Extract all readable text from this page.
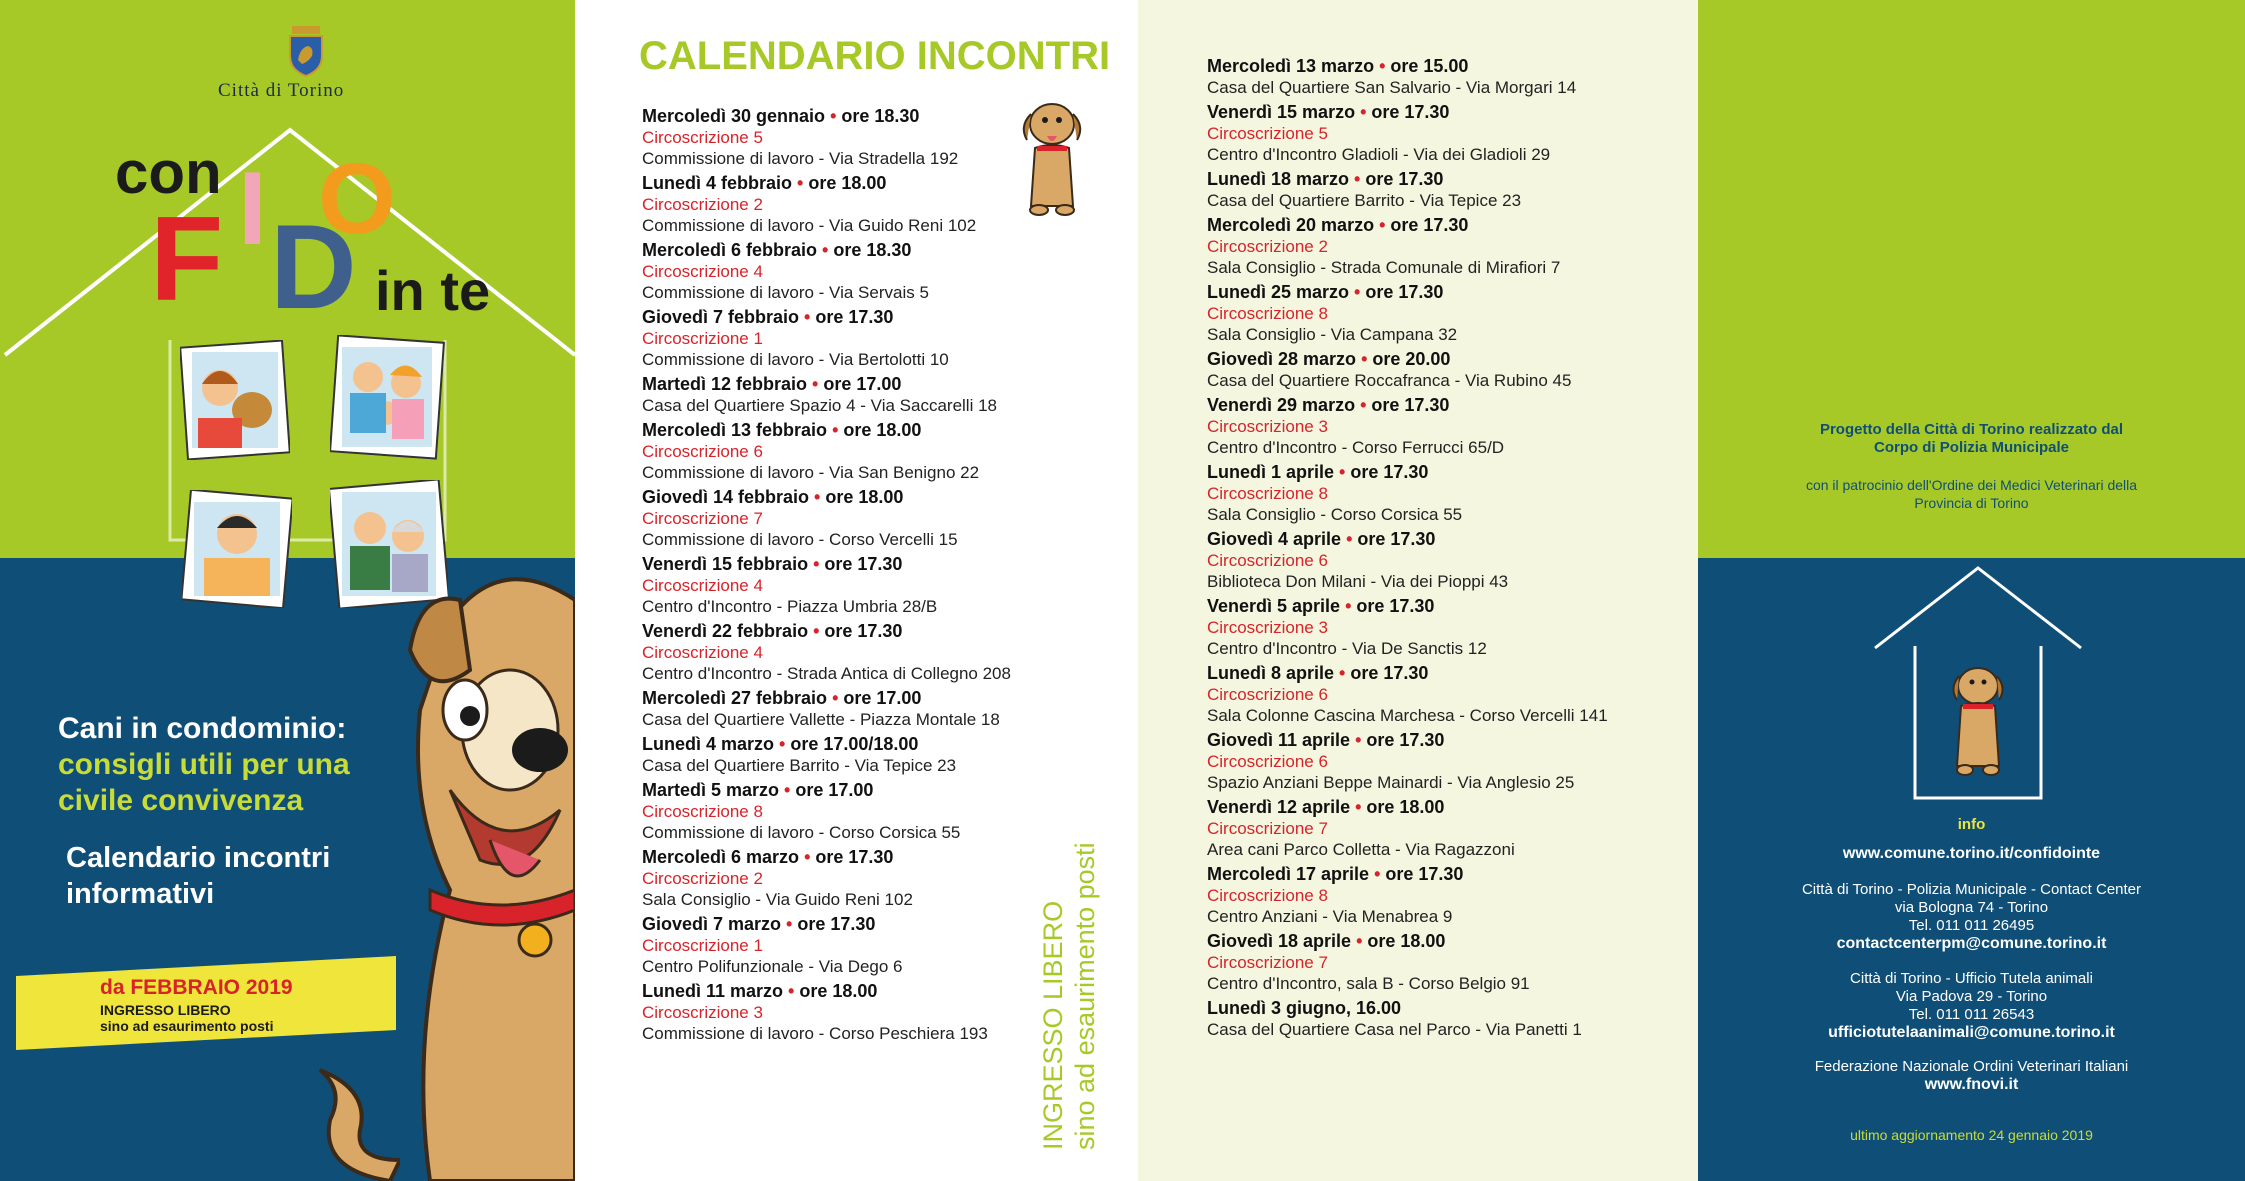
Città di Torino
con
F I D
O
in te
Cani in condominio:
consigli utili per una
civile convivenza
Calendario incontri
informativi
da FEBBRAIO 2019
INGRESSO LIBERO
sino ad esaurimento posti
CALENDARIO INCONTRI
Mercoledì 30 gennaio • ore 18.30
Circoscrizione 5
Commissione di lavoro - Via Stradella 192
Lunedì 4 febbraio • ore 18.00
Circoscrizione 2
Commissione di lavoro - Via Guido Reni 102
Mercoledì 6 febbraio • ore 18.30
Circoscrizione 4
Commissione di lavoro - Via Servais 5
Giovedì 7 febbraio • ore 17.30
Circoscrizione 1
Commissione di lavoro - Via Bertolotti 10
Martedì 12 febbraio • ore 17.00
Casa del Quartiere Spazio 4 - Via Saccarelli 18
Mercoledì 13 febbraio • ore 18.00
Circoscrizione 6
Commissione di lavoro - Via San Benigno 22
Giovedì 14 febbraio • ore 18.00
Circoscrizione 7
Commissione di lavoro - Corso Vercelli 15
Venerdì 15 febbraio • ore 17.30
Circoscrizione 4
Centro d'Incontro - Piazza Umbria 28/B
Venerdì 22 febbraio • ore 17.30
Circoscrizione 4
Centro d'Incontro - Strada Antica di Collegno 208
Mercoledì 27 febbraio • ore 17.00
Casa del Quartiere Vallette - Piazza Montale 18
Lunedì 4 marzo • ore 17.00/18.00
Casa del Quartiere Barrito - Via Tepice 23
Martedì 5 marzo • ore 17.00
Circoscrizione 8
Commissione di lavoro - Corso Corsica 55
Mercoledì 6 marzo • ore 17.30
Circoscrizione 2
Sala Consiglio - Via Guido Reni 102
Giovedì 7 marzo • ore 17.30
Circoscrizione 1
Centro Polifunzionale - Via Dego 6
Lunedì 11 marzo • ore 18.00
Circoscrizione 3
Commissione di lavoro - Corso Peschiera 193	INGRESSO LIBERO sino ad esaurimento posti
Mercoledì 13 marzo • ore 15.00
Casa del Quartiere San Salvario - Via Morgari 14
Venerdì 15 marzo • ore 17.30
Circoscrizione 5
Centro d'Incontro Gladioli - Via dei Gladioli 29
Lunedì 18 marzo • ore 17.30
Casa del Quartiere Barrito - Via Tepice 23
Mercoledì 20 marzo • ore 17.30
Circoscrizione 2
Sala Consiglio - Strada Comunale di Mirafiori 7
Lunedì 25 marzo • ore 17.30
Circoscrizione 8
Sala Consiglio - Via Campana 32
Giovedì 28 marzo • ore 20.00
Casa del Quartiere Roccafranca - Via Rubino 45
Venerdì 29 marzo • ore 17.30
Circoscrizione 3
Centro d'Incontro - Corso Ferrucci 65/D
Lunedì 1 aprile • ore 17.30
Circoscrizione 8
Sala Consiglio - Corso Corsica 55
Giovedì 4 aprile • ore 17.30
Circoscrizione 6
Biblioteca Don Milani - Via dei Pioppi 43
Venerdì 5 aprile • ore 17.30
Circoscrizione 3
Centro d'Incontro - Via De Sanctis 12
Lunedì 8 aprile • ore 17.30
Circoscrizione 6
Sala Colonne Cascina Marchesa - Corso Vercelli 141
Giovedì 11 aprile • ore 17.30
Circoscrizione 6
Spazio Anziani Beppe Mainardi - Via Anglesio 25
Venerdì 12 aprile • ore 18.00
Circoscrizione 7
Area cani Parco Colletta - Via Ragazzoni
Mercoledì 17 aprile • ore 17.30
Circoscrizione 8
Centro Anziani - Via Menabrea 9
Giovedì 18 aprile • ore 18.00
Circoscrizione 7
Centro d'Incontro, sala B - Corso Belgio 91
Lunedì 3 giugno, 16.00
Casa del Quartiere Casa nel Parco - Via Panetti 1
Progetto della Città di Torino realizzato dal
Corpo di Polizia Municipale
con il patrocinio dell'Ordine dei Medici Veterinari della
Provincia di Torino
info
www.comune.torino.it/confidointe
Città di Torino - Polizia Municipale - Contact Center
via Bologna 74 - Torino
Tel. 011 011 26495
contactcenterpm@comune.torino.it
Città di Torino - Ufficio Tutela animali
Via Padova 29 - Torino
Tel. 011 011 26543
ufficiotutelaanimali@comune.torino.it
Federazione Nazionale Ordini Veterinari Italiani
www.fnovi.it
ultimo aggiornamento 24 gennaio 2019
